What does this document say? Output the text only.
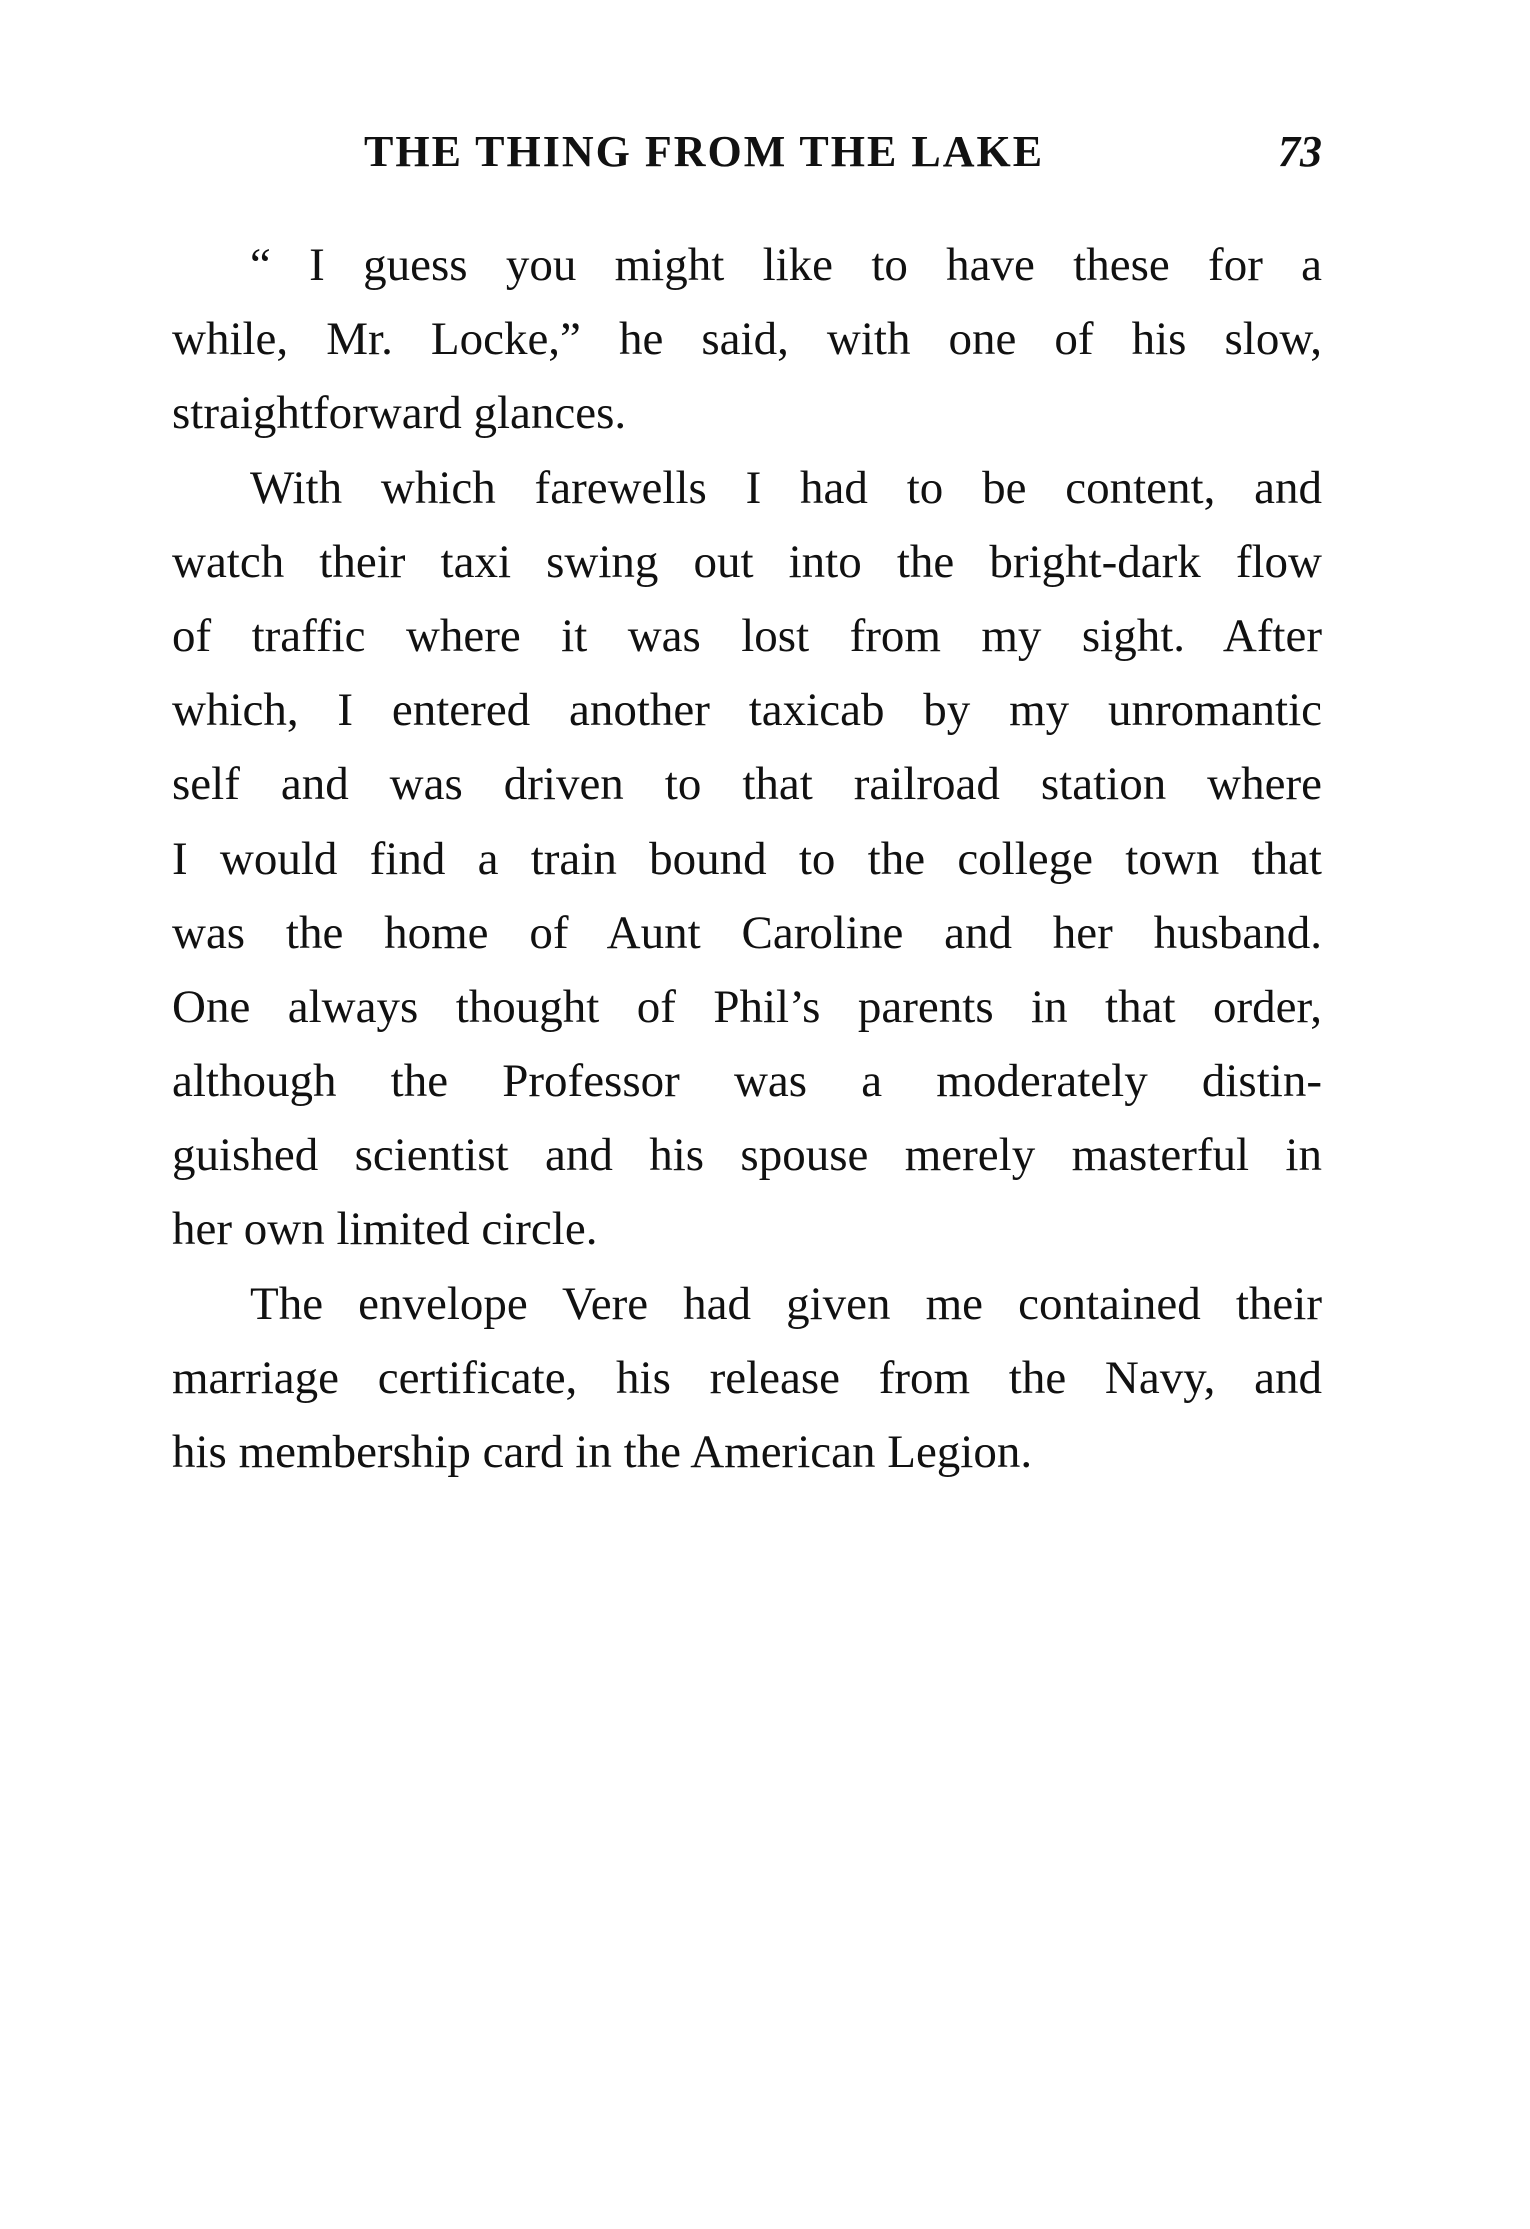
THE THING FROM THE LAKE	73
“ I guess you might like to have these for a
while, Mr. Locke,” he said, with one of his slow,
straightforward glances.
With which farewells I had to be content, and
watch their taxi swing out into the bright-dark flow
of traffic where it was lost from my sight. After
which, I entered another taxicab by my unromantic
self and was driven to that railroad station where
I would find a train bound to the college town that
was the home of Aunt Caroline and her husband.
One always thought of Phil’s parents in that order,
although the Professor was a moderately distin-
guished scientist and his spouse merely masterful in
her own limited circle.
The envelope Vere had given me contained their
marriage certificate, his release from the Navy, and
his membership card in the American Legion.
